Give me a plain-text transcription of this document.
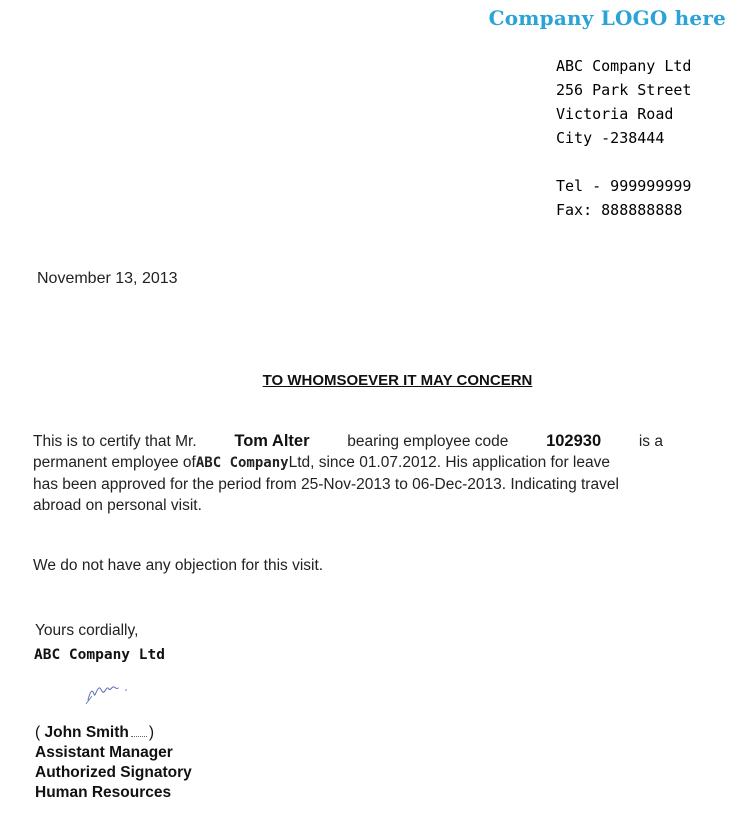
Company LOGO here
ABC Company Ltd
256 Park Street
Victoria Road
City -238444
Tel - 999999999
Fax: 888888888
November 13, 2013
TO WHOMSOEVER IT MAY CONCERN
This is to certify that Mr. Tom Alter bearing employee code 102930 is a
permanent employee ofABC CompanyLtd, since 01.07.2012. His application for leave
has been approved for the period from 25-Nov-2013 to 06-Dec-2013. Indicating travel
abroad on personal visit.
We do not have any objection for this visit.
Yours cordially,
ABC Company Ltd
( John Smith )
Assistant Manager
Authorized Signatory
Human Resources
